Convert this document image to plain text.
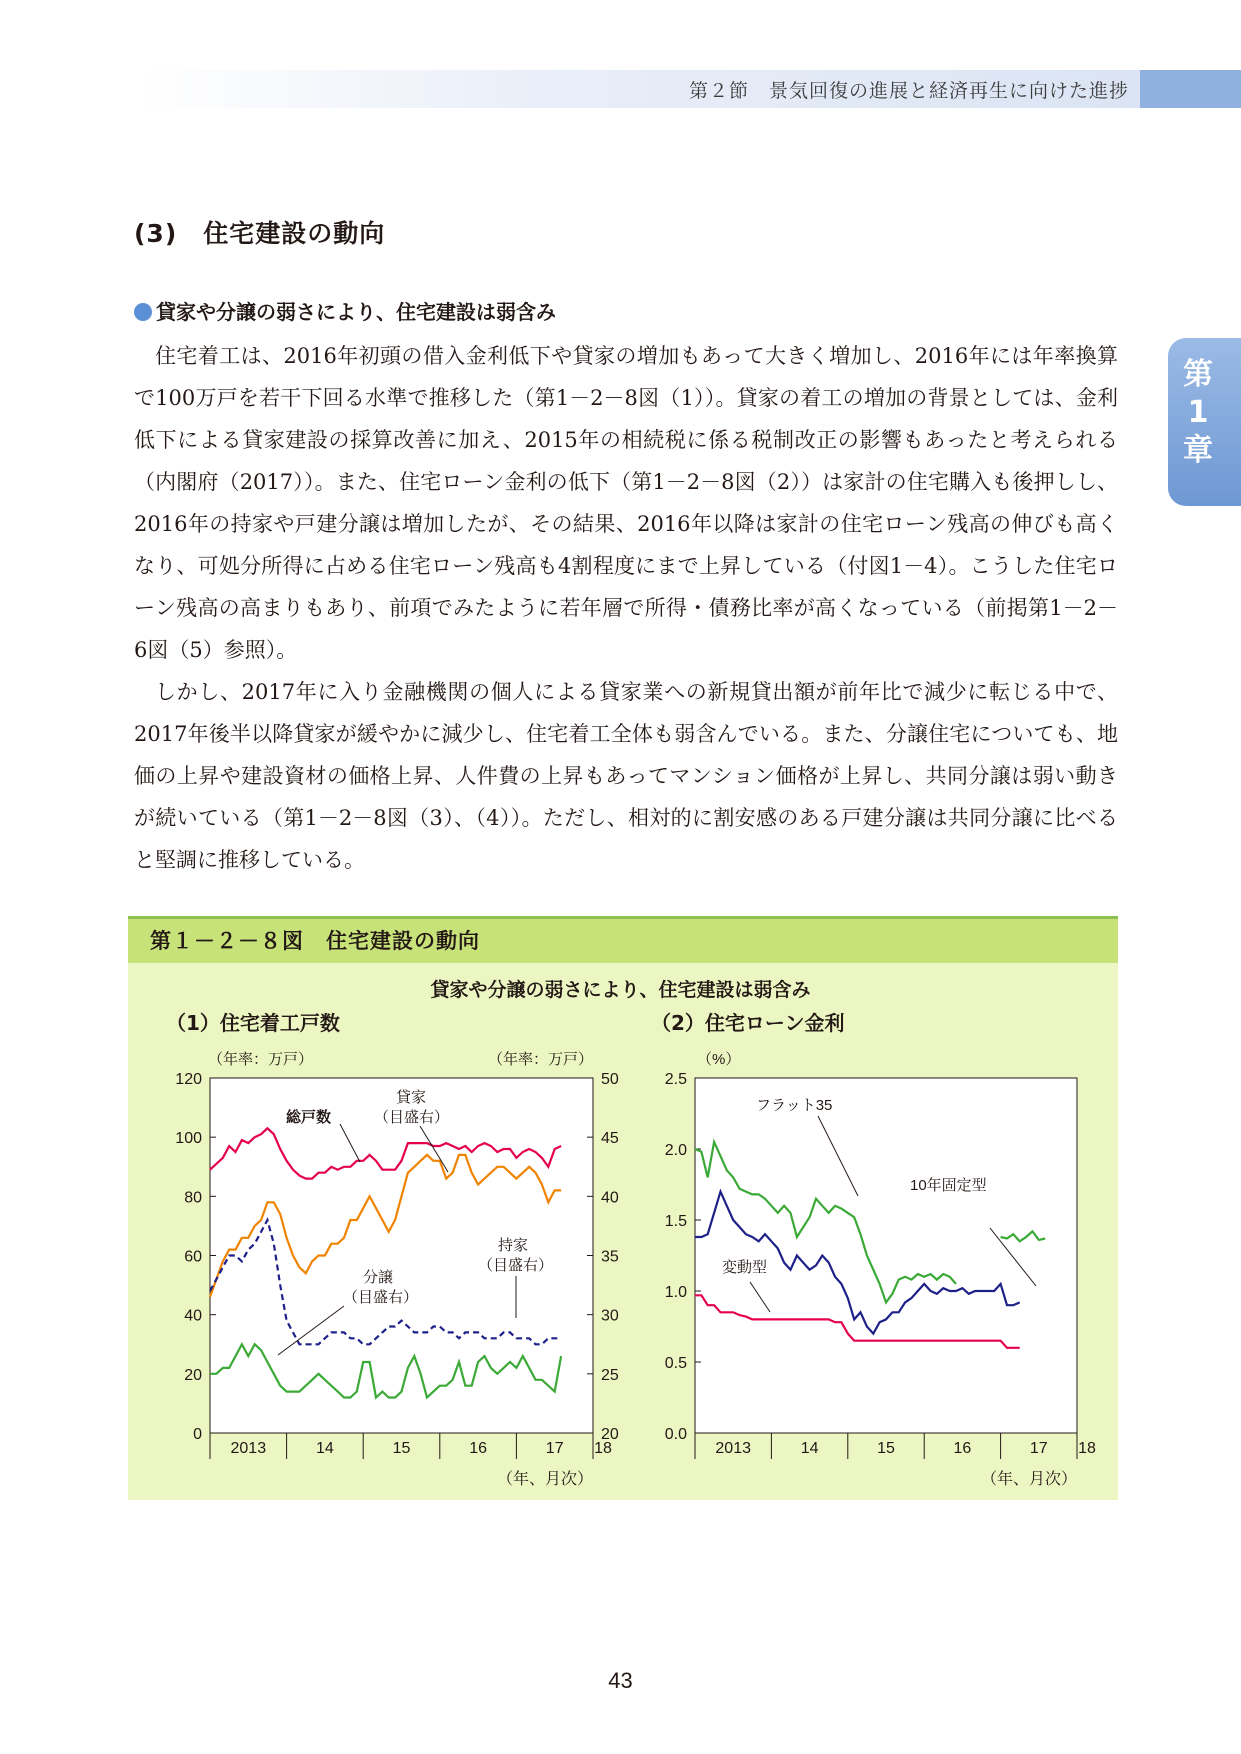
第２節　景気回復の進展と経済再生に向けた進捗
第
1
章
(3)　住宅建設の動向
貸家や分譲の弱さにより、住宅建設は弱含み

住宅着工は、2016年初頭の借入金利低下や貸家の増加もあって大きく増加し、2016年には年率換算で100万戸を若干下回る水準で推移した（第1－2－8図（1））。貸家の着工の増加の背景としては、金利低下による貸家建設の採算改善に加え、2015年の相続税に係る税制改正の影響もあったと考えられる（内閣府（2017））。また、住宅ローン金利の低下（第1－2－8図（2））は家計の住宅購入も後押しし、2016年の持家や戸建分譲は増加したが、その結果、2016年以降は家計の住宅ローン残高の伸びも高くなり、可処分所得に占める住宅ローン残高も4割程度にまで上昇している（付図1－4）。こうした住宅ローン残高の高まりもあり、前項でみたように若年層で所得・債務比率が高くなっている（前掲第1－2－6図（5）参照）。

しかし、2017年に入り金融機関の個人による貸家業への新規貸出額が前年比で減少に転じる中で、2017年後半以降貸家が緩やかに減少し、住宅着工全体も弱含んでいる。また、分譲住宅についても、地価の上昇や建設資材の価格上昇、人件費の上昇もあってマンション価格が上昇し、共同分譲は弱い動きが続いている（第1－2－8図（3）、（4））。ただし、相対的に割安感のある戸建分譲は共同分譲に比べると堅調に推移している。

第１－２－８図　住宅建設の動向
貸家や分譲の弱さにより、住宅建設は弱含み
（1）住宅着工戸数	（2）住宅ローン金利
0
20
40
60
80
100
120
20
25
30
35
40
45
50
2013	14	15	16	17 18
0.0
0.5
1.0
1.5
2.0
2.5
2013	14	15	16	17 18
（年率：万戸）	（年率：万戸）
（年、月次）
（%）
（年、月次）
総戸数
貸家
（目盛右）
持家
（目盛右）
分譲
（目盛右）
フラット35
10年固定型
変動型
43
